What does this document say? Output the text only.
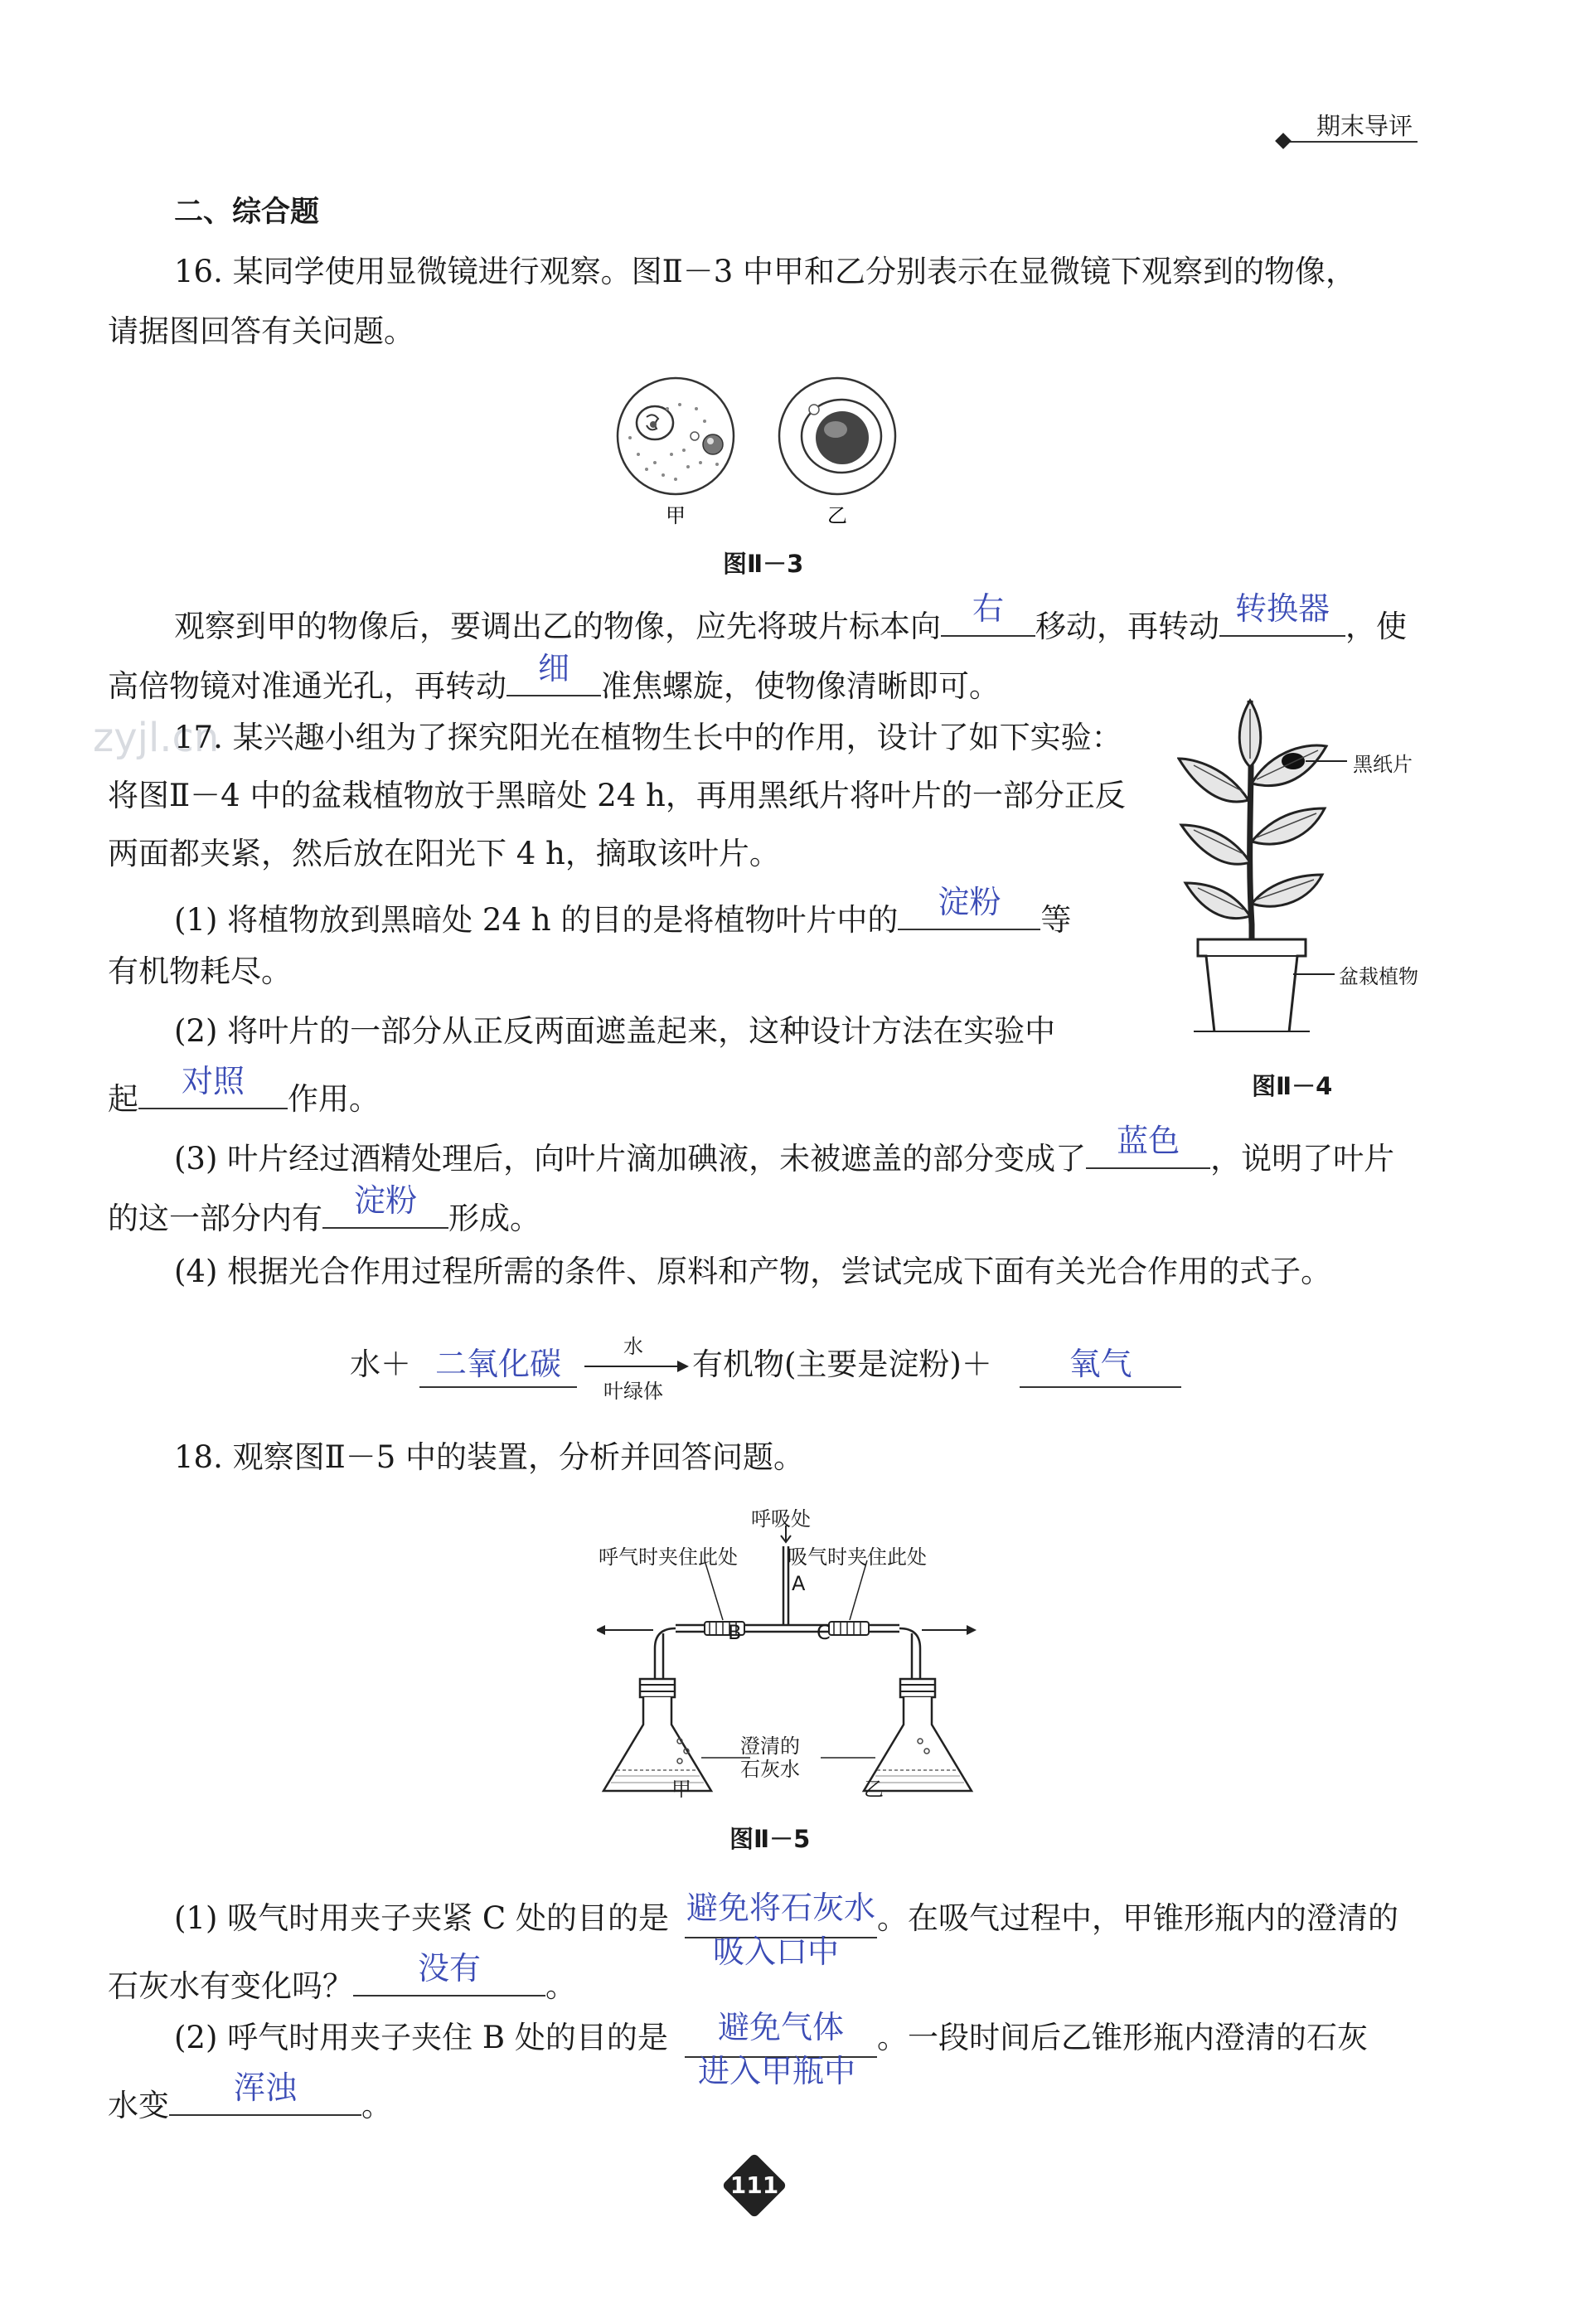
期末导评
二、综合题
16. 某同学使用显微镜进行观察。图Ⅱ－3 中甲和乙分别表示在显微镜下观察到的物像，
请据图回答有关问题。
甲	乙
图Ⅱ－3
观察到甲的物像后，要调出乙的物像，应先将玻片标本向 右	移动，再转动 转换器 ，使
高倍物镜对准通光孔，再转动 细	准焦螺旋，使物像清晰即可。
zyjl.cn
17. 某兴趣小组为了探究阳光在植物生长中的作用，设计了如下实验：
将图Ⅱ－4 中的盆栽植物放于黑暗处 24 h，再用黑纸片将叶片的一部分正反
两面都夹紧，然后放在阳光下 4 h，摘取该叶片。
(1) 将植物放到黑暗处 24 h 的目的是将植物叶片中的	淀粉	等
有机物耗尽。
(2) 将叶片的一部分从正反两面遮盖起来，这种设计方法在实验中
起	对照	作用。
黑纸片
盆栽植物
图Ⅱ－4
(3) 叶片经过酒精处理后，向叶片滴加碘液，未被遮盖的部分变成了 蓝色	，说明了叶片
的这一部分内有 淀粉	形成。
(4) 根据光合作用过程所需的条件、原料和产物，尝试完成下面有关光合作用的式子。
水＋ 二氧化碳	水
叶绿体
有机物(主要是淀粉)＋	氧气
18. 观察图Ⅱ－5 中的装置，分析并回答问题。
呼吸处
呼气时夹住此处	吸气时夹住此处
A
B	C
澄清的
石灰水
甲	乙
图Ⅱ－5
(1) 吸气时用夹子夹紧 C 处的目的是 避免将石灰水
吸入口中
。在吸气过程中，甲锥形瓶内的澄清的
石灰水有变化吗？	没有	。
(2) 呼气时用夹子夹住 B 处的目的是	避免气体
进入甲瓶中
。一段时间后乙锥形瓶内澄清的石灰
水变	浑浊	。
111
